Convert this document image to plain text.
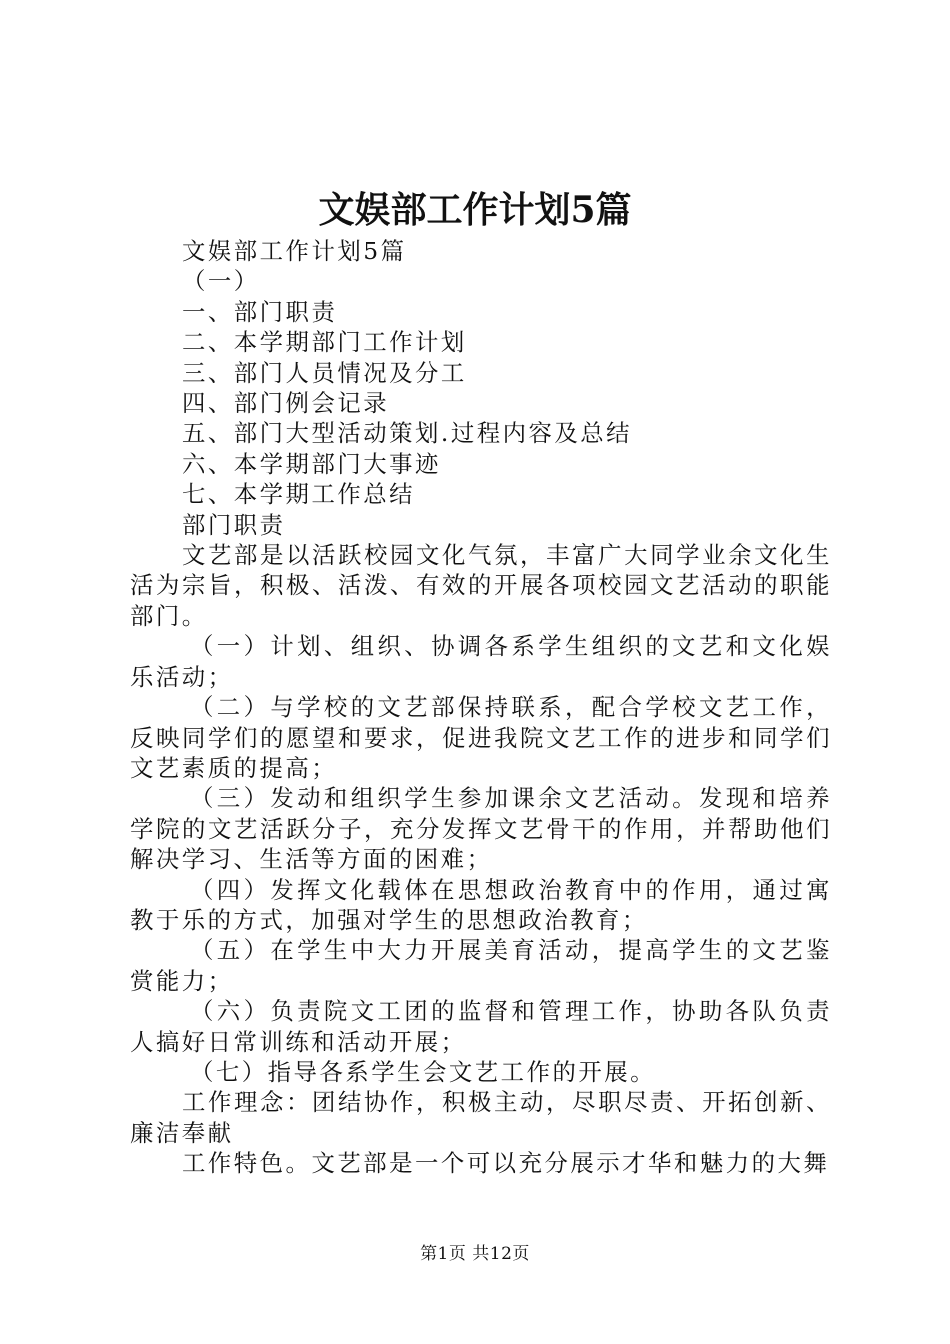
文娱部工作计划5篇

文娱部工作计划5篇

（一）

一、部门职责

二、本学期部门工作计划

三、部门人员情况及分工

四、部门例会记录

五、部门大型活动策划.过程内容及总结

六、本学期部门大事迹

七、本学期工作总结

部门职责

文艺部是以活跃校园文化气氛，丰富广大同学业余文化生活为宗旨，积极、活泼、有效的开展各项校园文艺活动的职能部门。

（一）计划、组织、协调各系学生组织的文艺和文化娱乐活动；

（二）与学校的文艺部保持联系，配合学校文艺工作，反映同学们的愿望和要求，促进我院文艺工作的进步和同学们文艺素质的提高；

（三）发动和组织学生参加课余文艺活动。发现和培养学院的文艺活跃分子，充分发挥文艺骨干的作用，并帮助他们解决学习、生活等方面的困难；

（四）发挥文化载体在思想政治教育中的作用，通过寓教于乐的方式，加强对学生的思想政治教育；

（五）在学生中大力开展美育活动，提高学生的文艺鉴赏能力；

（六）负责院文工团的监督和管理工作，协助各队负责人搞好日常训练和活动开展；

（七）指导各系学生会文艺工作的开展。

工作理念：团结协作，积极主动，尽职尽责、开拓创新、廉洁奉献

工作特色。文艺部是一个可以充分展示才华和魅力的大舞

第1页 共12页
